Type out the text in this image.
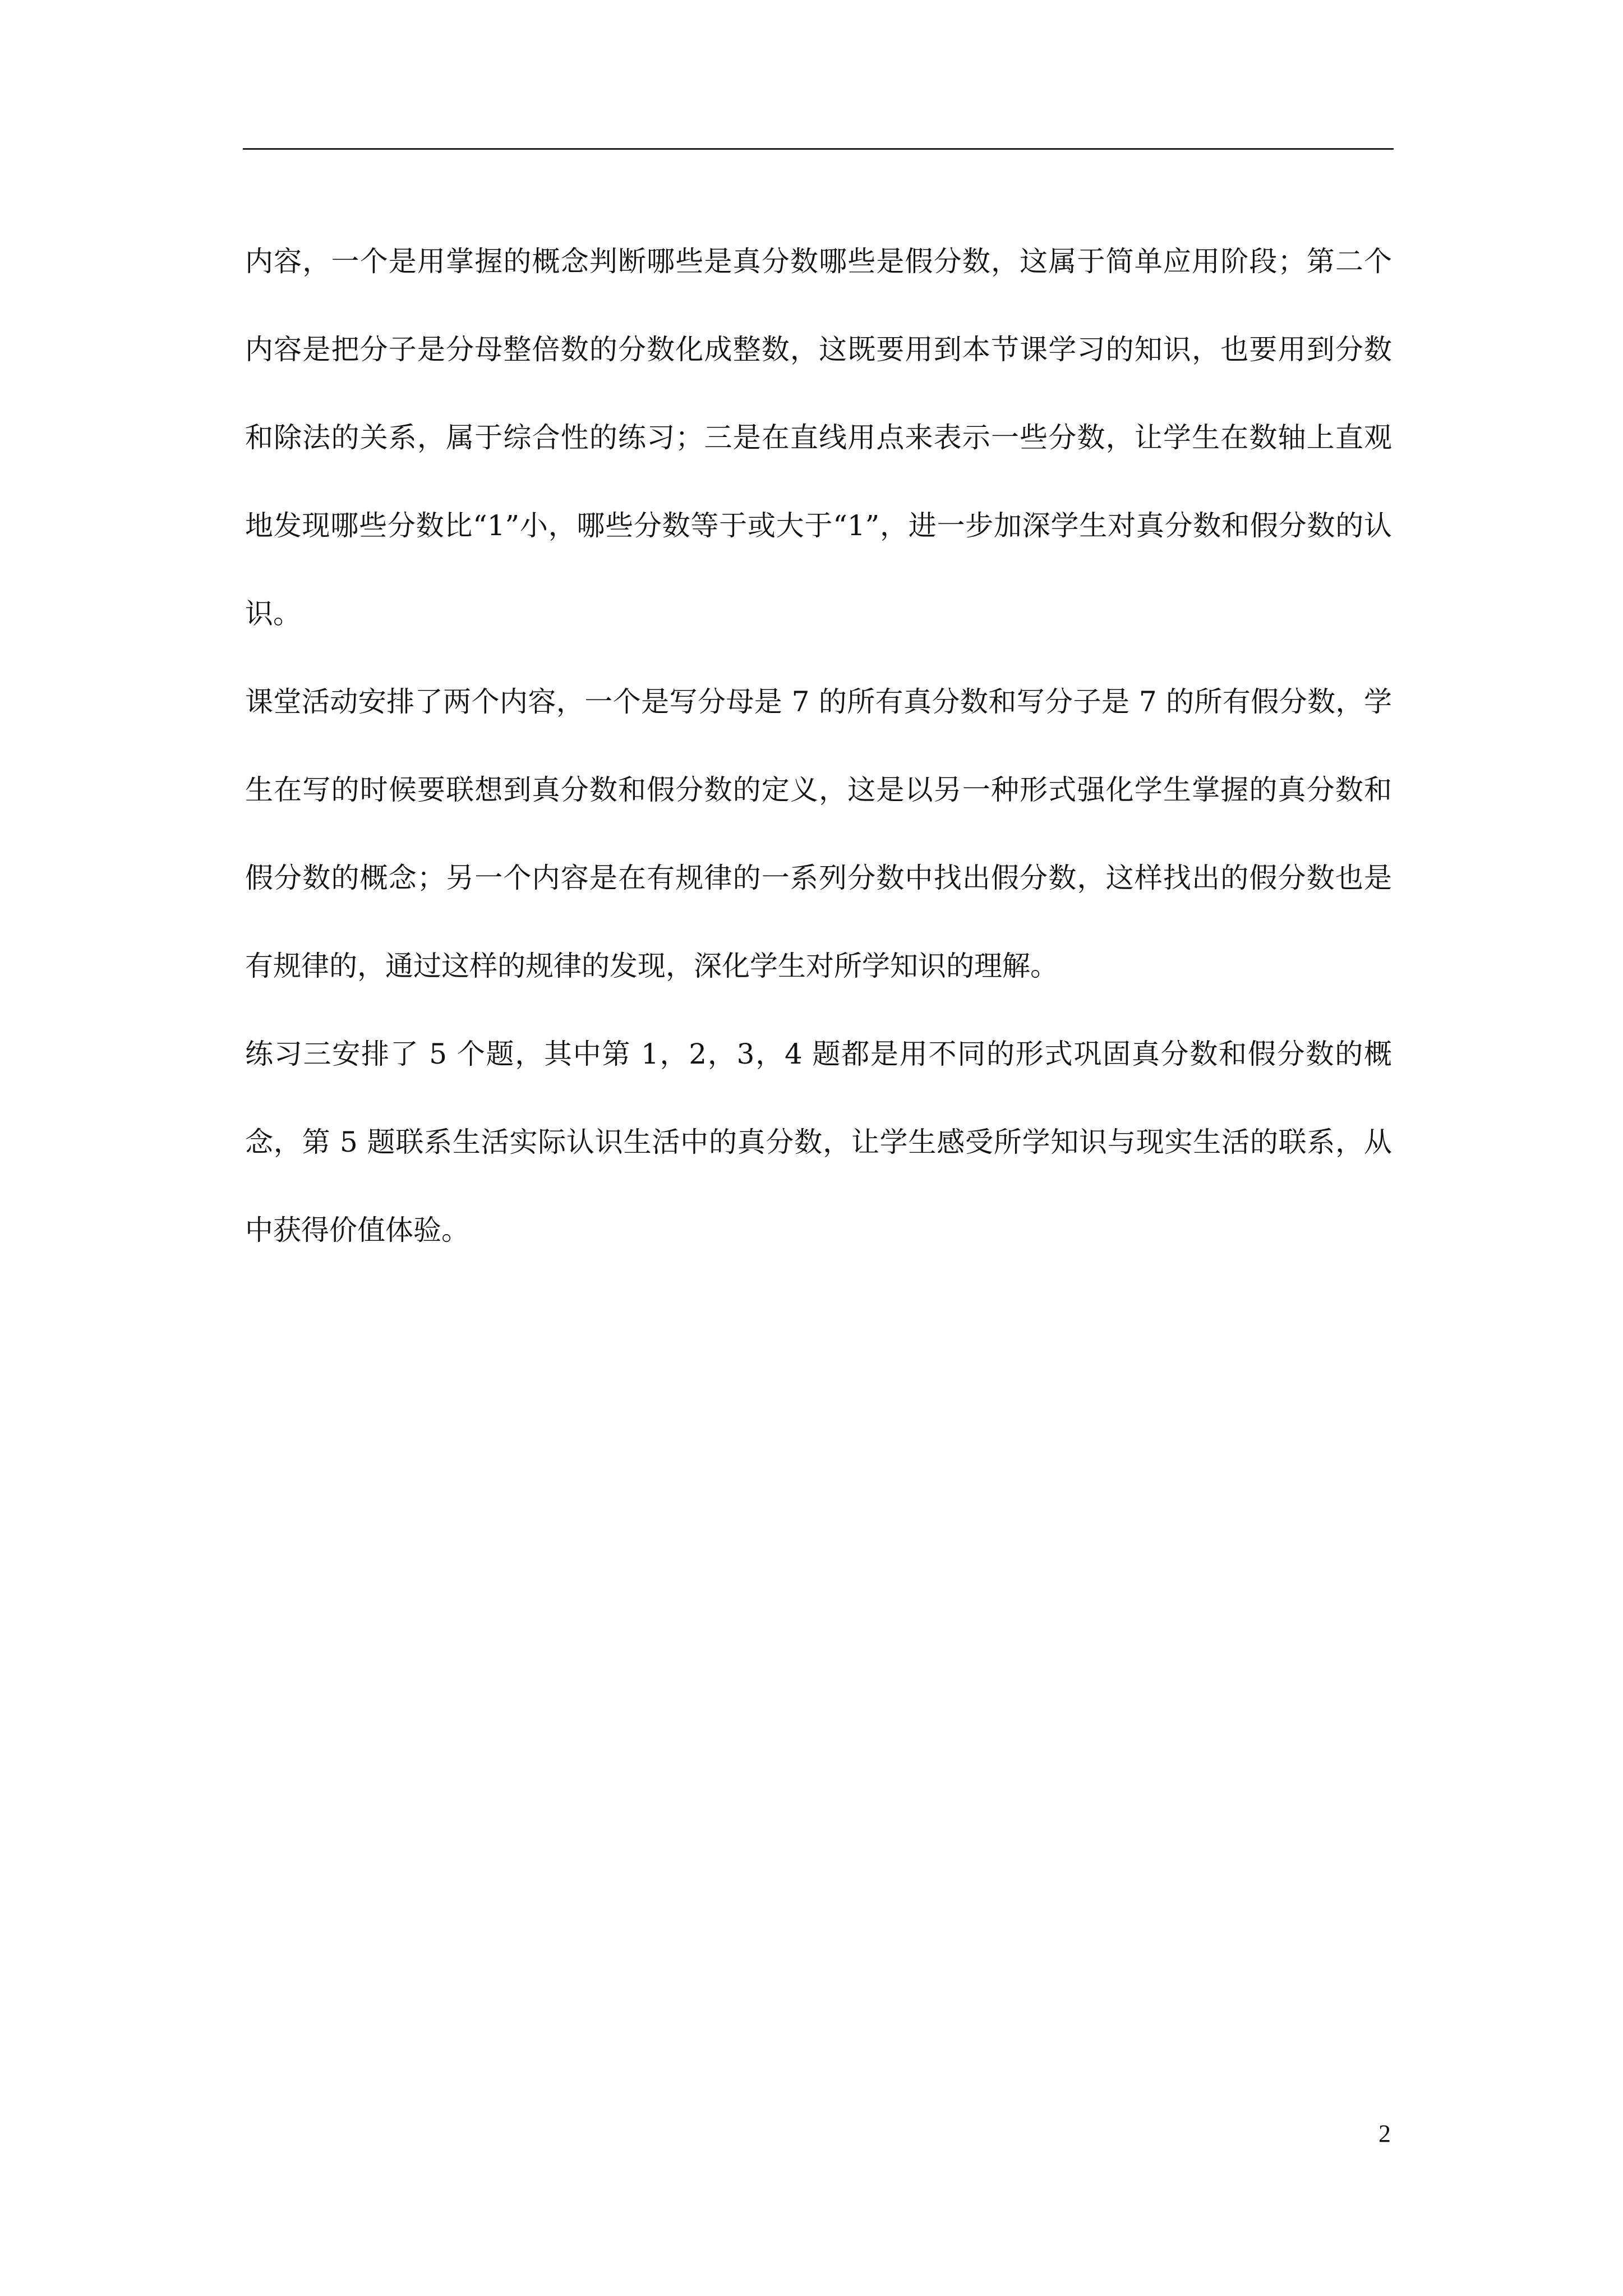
内容，一个是用掌握的概念判断哪些是真分数哪些是假分数，这属于简单应用阶段；第二个内容是把分子是分母整倍数的分数化成整数，这既要用到本节课学习的知识，也要用到分数和除法的关系，属于综合性的练习；三是在直线用点来表示一些分数，让学生在数轴上直观地发现哪些分数比“1”小，哪些分数等于或大于“1”，进一步加深学生对真分数和假分数的认识。

课堂活动安排了两个内容，一个是写分母是 7 的所有真分数和写分子是 7 的所有假分数，学生在写的时候要联想到真分数和假分数的定义，这是以另一种形式强化学生掌握的真分数和假分数的概念；另一个内容是在有规律的一系列分数中找出假分数，这样找出的假分数也是有规律的，通过这样的规律的发现，深化学生对所学知识的理解。

练习三安排了 5 个题，其中第 1，2，3，4 题都是用不同的形式巩固真分数和假分数的概念，第 5 题联系生活实际认识生活中的真分数，让学生感受所学知识与现实生活的联系，从中获得价值体验。

2
